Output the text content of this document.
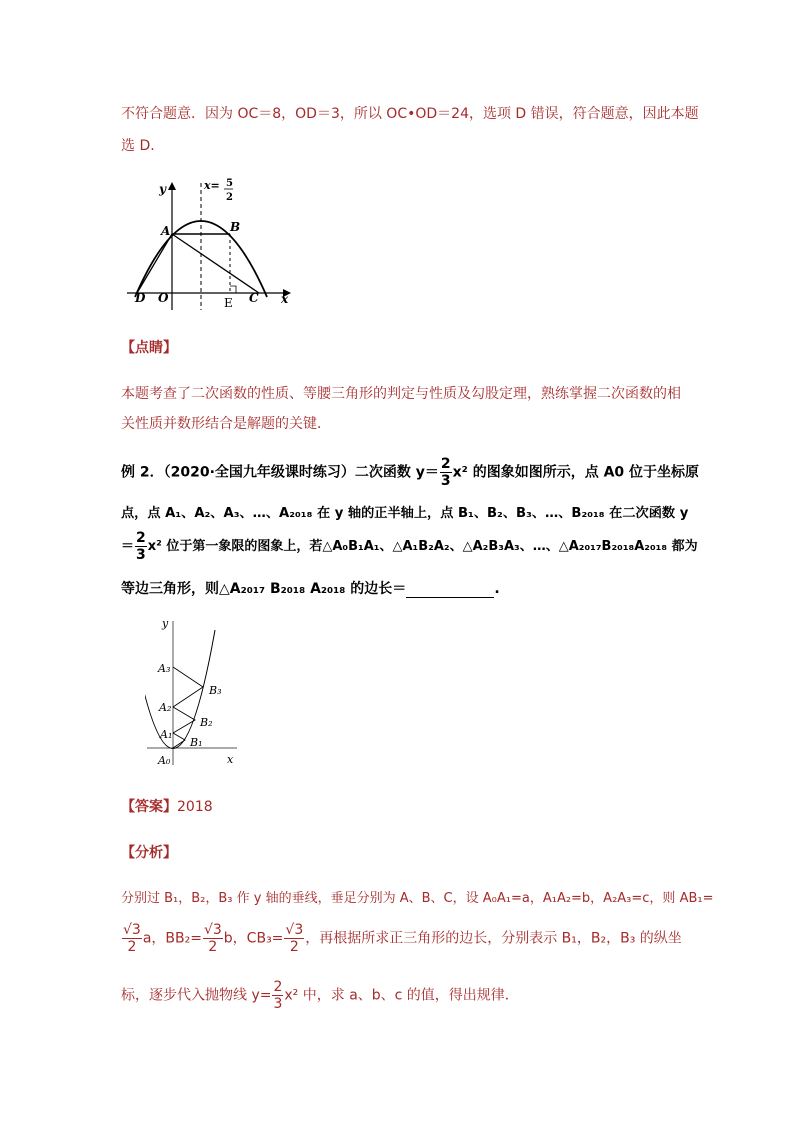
不符合题意．因为 OC＝8，OD＝3，所以 OC•OD＝24，选项 D 错误，符合题意，因此本题
选 D.
y
x
A	B
O
D	C
E
x= 5
2
【点睛】
本题考查了二次函数的性质、等腰三角形的判定与性质及勾股定理，熟练掌握二次函数的相
关性质并数形结合是解题的关键．
例 2．（2020·全国九年级课时练习）二次函数 $y= \frac{2}{3} x^2$ 的图象如图所示，点 A0 位于坐标原
点，点 A₁、A₂、A₃、…、A₂₀₁₈ 在 y 轴的正半轴上，点 B₁、B₂、B₃、…、B₂₀₁₈ 在二次函数 y
＝ $\frac{2}{3} x^2$ 位于第一象限的图象上，若△A₀B₁A₁、△A₁B₂A₂、△A₂B₃A₃、…、△A₂₀₁₇B₂₀₁₈A₂₀₁₈ 都为
等边三角形，则△A₂₀₁₇ B₂₀₁₈ A₂₀₁₈ 的边长＝	.
y
x
A₀
A₁
A₂
A₃
B₁
B₂
B₃
【答案】2018
【分析】
分别过 B₁，B₂，B₃ 作 y 轴的垂线，垂足分别为 A、B、C，设 A₀A₁=a，A₁A₂=b，A₂A₃=c，则 AB₁=
$\frac{√3}{2}$ a，$BB_2= \frac{√3}{2}$ b，$CB_3= \frac{√3}{2}$ ，再根据所求正三角形的边长，分别表示 B₁，B₂，B₃ 的纵坐
标，逐步代入抛物线 $y= \frac{2}{3} x^2$ 中，求 a、b、c 的值，得出规律．
